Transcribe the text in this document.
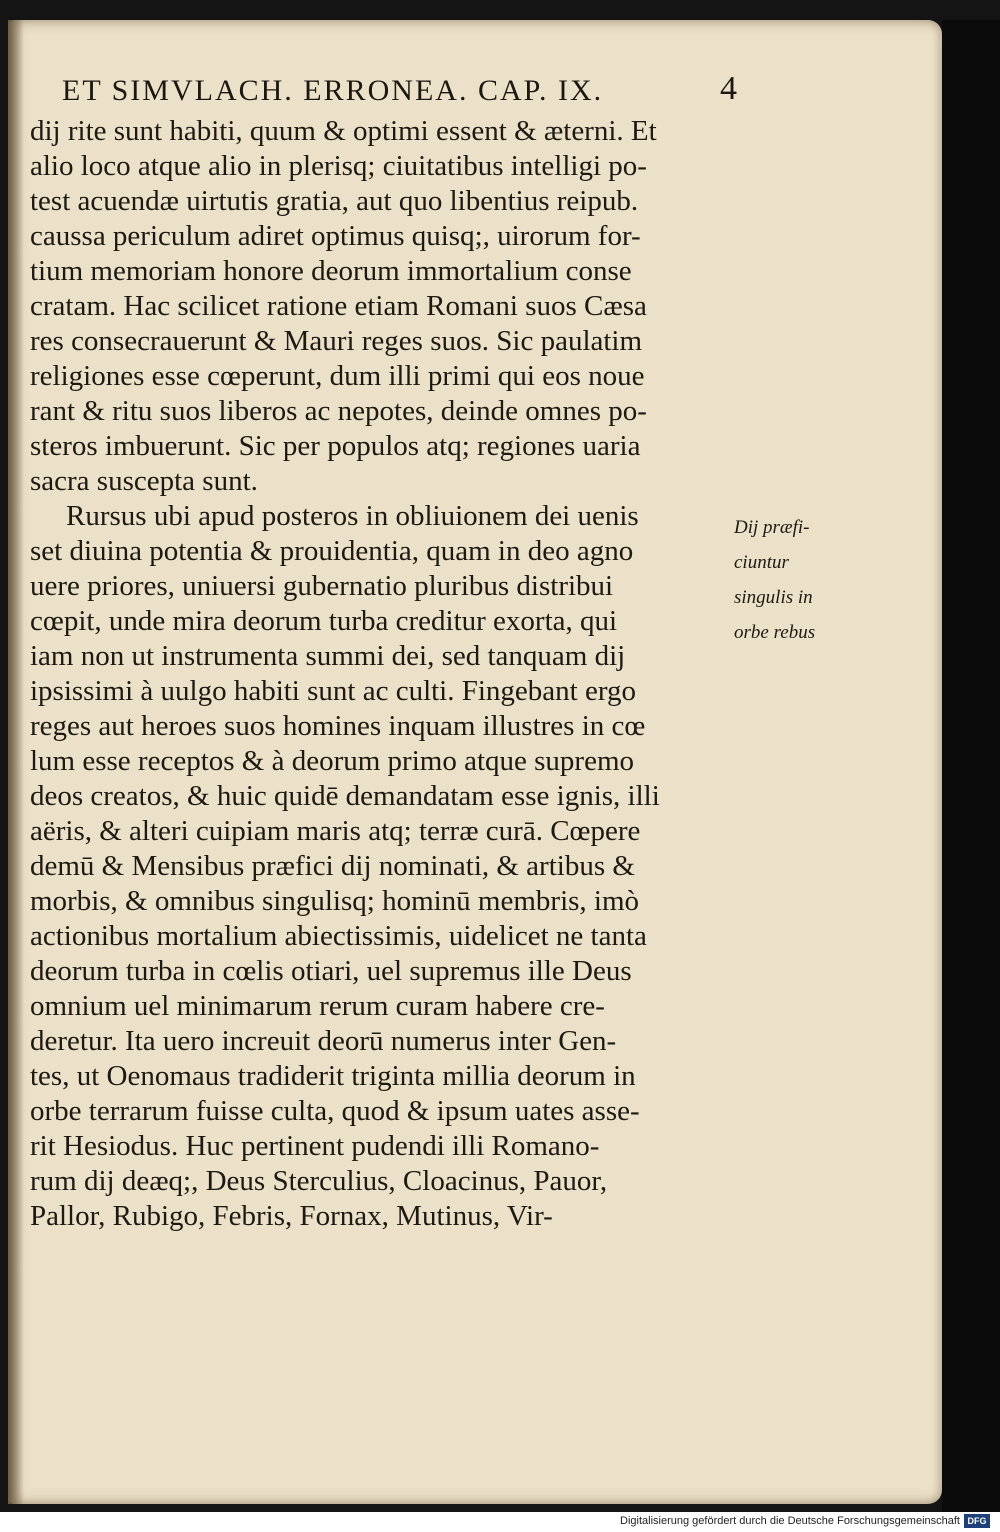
ET SIMVLACH. ERRONEA. CAP. IX.	4
dij rite sunt habiti, quum & optimi essent & æterni. Et
alio loco atque alio in plerisq; ciuitatibus intelligi po-
test acuendæ uirtutis gratia, aut quo libentius reipub.
caussa periculum adiret optimus quisq;, uirorum for-
tium memoriam honore deorum immortalium conse
cratam. Hac scilicet ratione etiam Romani suos Cæsa
res consecrauerunt & Mauri reges suos. Sic paulatim
religiones esse cœperunt, dum illi primi qui eos noue
rant & ritu suos liberos ac nepotes, deinde omnes po-
steros imbuerunt. Sic per populos atq; regiones uaria
sacra suscepta sunt.
Rursus ubi apud posteros in obliuionem dei uenis
set diuina potentia & prouidentia, quam in deo agno
uere priores, uniuersi gubernatio pluribus distribui
cœpit, unde mira deorum turba creditur exorta, qui
iam non ut instrumenta summi dei, sed tanquam dij
ipsissimi à uulgo habiti sunt ac culti. Fingebant ergo
reges aut heroes suos homines inquam illustres in cœ
lum esse receptos & à deorum primo atque supremo
deos creatos, & huic quidē demandatam esse ignis, illi
aëris, & alteri cuipiam maris atq; terræ curā. Cœpere
demū & Mensibus præfici dij nominati, & artibus &
morbis, & omnibus singulisq; hominū membris, imò
actionibus mortalium abiectissimis, uidelicet ne tanta
deorum turba in cœlis otiari, uel supremus ille Deus
omnium uel minimarum rerum curam habere cre-
deretur. Ita uero increuit deorū numerus inter Gen-
tes, ut Oenomaus tradiderit triginta millia deorum in
orbe terrarum fuisse culta, quod & ipsum uates asse-
rit Hesiodus. Huc pertinent pudendi illi Romano-
rum dij deæq;, Deus Sterculius, Cloacinus, Pauor,
Pallor, Rubigo, Febris, Fornax, Mutinus, Vir-
Dij præfi-
ciuntur
singulis in
orbe rebus
Digitalisierung gefördert durch die Deutsche Forschungsgemeinschaft DFG
